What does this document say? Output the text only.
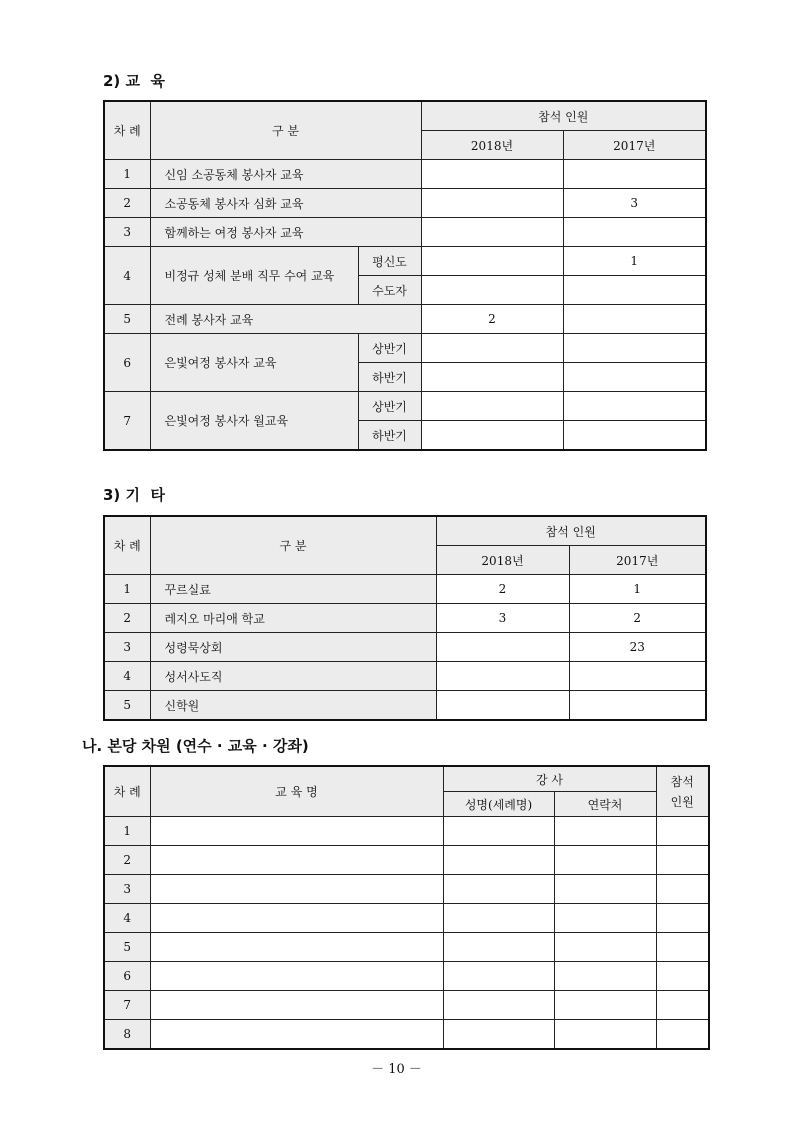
2) 교  육

차 례	구 분		참석 인원	
			2018년	2017년
1	신임 소공동체 봉사자 교육			
2	소공동체 봉사자 심화 교육			3
3	함께하는 여정 봉사자 교육			
4	비정규 성체 분배 직무 수여 교육	평신도		1
		수도자		
5	전례 봉사자 교육		2	
6	은빛여정 봉사자 교육	상반기		
		하반기		
7	은빛여정 봉사자 월교육	상반기		
		하반기		

3) 기  타

차 례	구 분	참석 인원	
		2018년	2017년
1	꾸르실료	2	1
2	레지오 마리애 학교	3	2
3	성령묵상회		23
4	성서사도직		
5	신학원		

나. 본당 차원 (연수 · 교육 · 강좌)

차 례	교 육 명	강 사		참석
인원
		성명(세례명)	연락처	
1				
2				
3				
4				
5				
6				
7				
8				
－ 10 －
